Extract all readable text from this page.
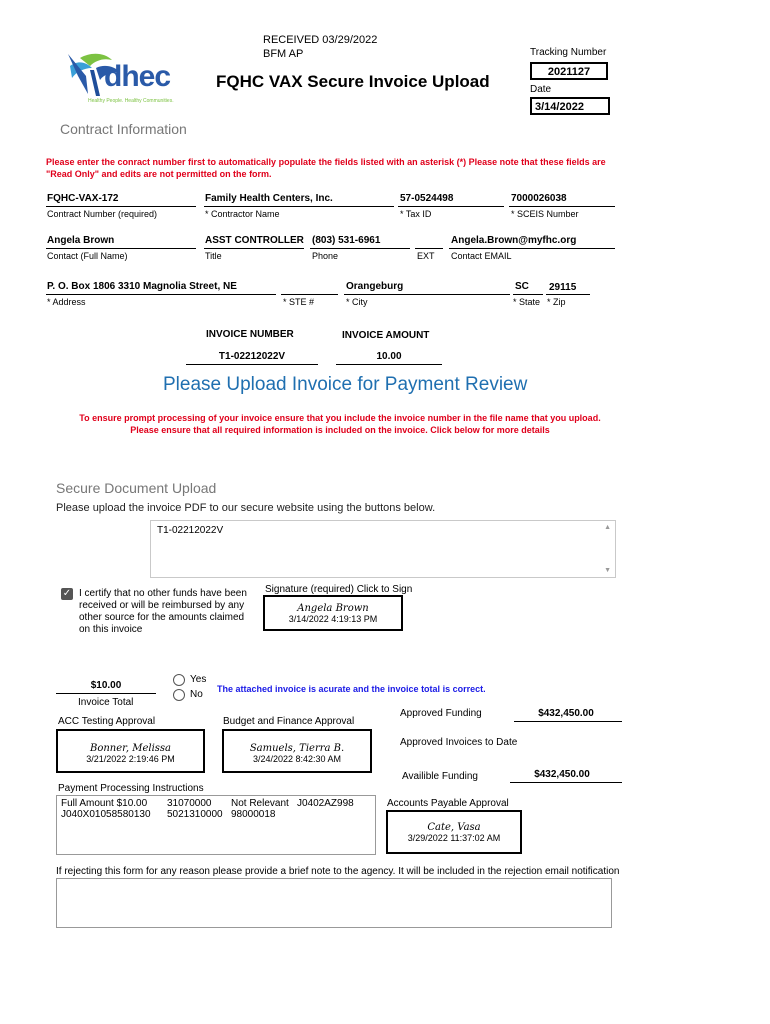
RECEIVED 03/29/2022
BFM AP
dhec
Healthy People. Healthy Communities.
FQHC VAX Secure Invoice Upload
Tracking Number
2021127
Date
3/14/2022
Contract Information
Please enter the conract number first to automatically populate the fields listed with an asterisk (*) Please note that these fields are "Read Only" and edits are not permitted on the form.
FQHC-VAX-172
Contract Number (required)
Family Health Centers, Inc.
* Contractor Name
57-0524498
* Tax ID
7000026038
* SCEIS Number
Angela Brown
Contact (Full Name)
ASST CONTROLLER
Title
(803) 531-6961
Phone	EXT
Angela.Brown@myfhc.org
Contact EMAIL
P. O. Box 1806 3310 Magnolia Street, NE
* Address	* STE #
Orangeburg
* City
SC
* State
29115
* Zip
INVOICE NUMBER	INVOICE AMOUNT
T1-02212022V	10.00
Please Upload Invoice for Payment Review
To ensure prompt processing of your invoice ensure that you include the invoice number in the file name that you upload.
Please ensure that all required information is included on the invoice. Click below for more details
Secure Document Upload
Please upload the invoice PDF to our secure website using the buttons below.
T1-02212022V	▲
▼
✓ I certify that no other funds have been received or will be reimbursed by any other source for the amounts claimed on this invoice
Signature (required) Click to Sign
Angela Brown
3/14/2022 4:19:13 PM
$10.00
Invoice Total
Yes
No The attached invoice is acurate and the invoice total is correct.
ACC Testing Approval
Bonner, Melissa
3/21/2022 2:19:46 PM
Budget and Finance Approval
Samuels, Tierra B.
3/24/2022 8:42:30 AM
Approved Funding	$432,450.00
Approved Invoices to Date
Availible Funding	$432,450.00
Payment Processing Instructions
Full Amount $10.00 31070000 Not Relevant J0402AZ998
J040X01058580130 5021310000 98000018
Accounts Payable Approval
Cate, Vasa
3/29/2022 11:37:02 AM
If rejecting this form for any reason please provide a brief note to the agency. It will be included in the rejection email notification
